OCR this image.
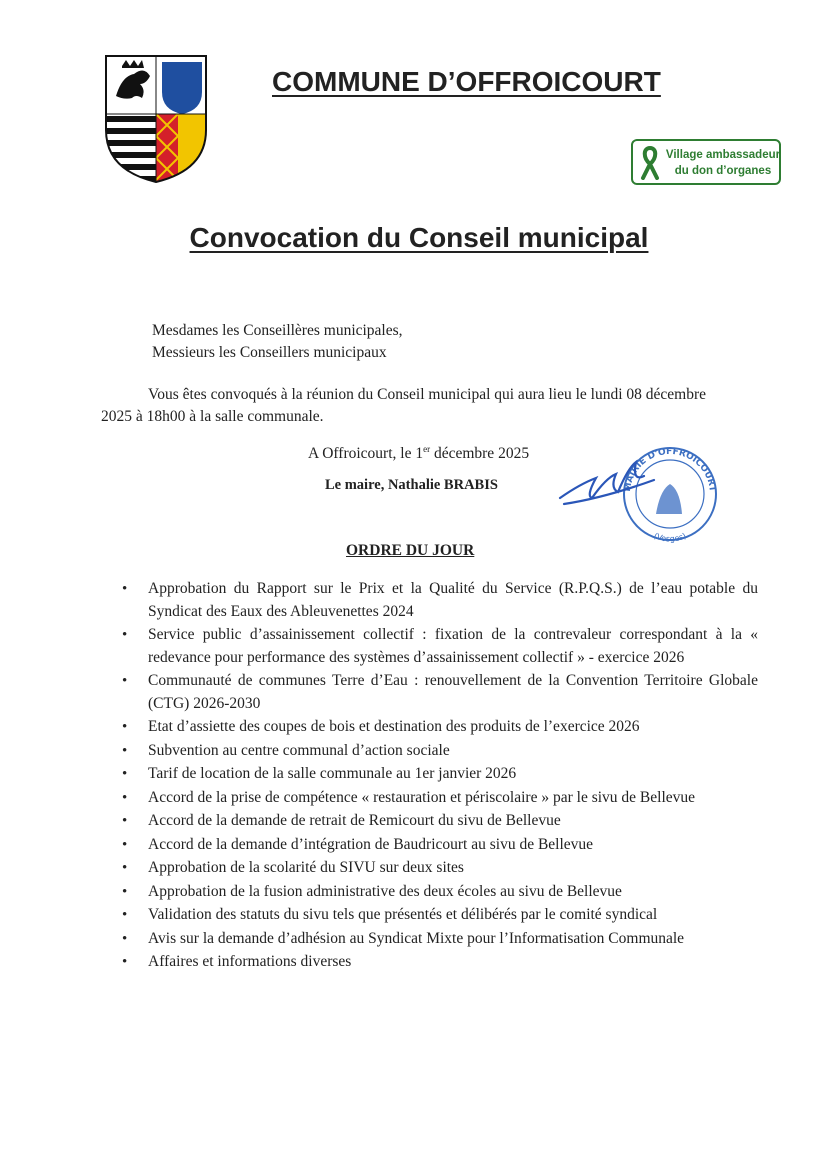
COMMUNE D’OFFROICOURT
Village ambassadeur
du don d’organes
Convocation du Conseil municipal
Mesdames les Conseillères municipales,
Messieurs les Conseillers municipaux
Vous êtes convoqués à la réunion du Conseil municipal qui aura lieu le lundi 08 décembre
2025 à 18h00 à la salle communale.
A Offroicourt, le 1er décembre 2025
Le maire, Nathalie BRABIS	MAIRIE D'OFFROICOURT
(Vosges)
ORDRE DU JOUR
• Approbation du Rapport sur le Prix et la Qualité du Service (R.P.Q.S.) de l’eau potable du Syndicat des Eaux des Ableuvenettes 2024
• Service public d’assainissement collectif : fixation de la contrevaleur correspondant à la « redevance pour performance des systèmes d’assainissement collectif » - exercice 2026
• Communauté de communes Terre d’Eau : renouvellement de la Convention Territoire Globale (CTG) 2026-2030
• Etat d’assiette des coupes de bois et destination des produits de l’exercice 2026
• Subvention au centre communal d’action sociale
• Tarif de location de la salle communale au 1er janvier 2026
• Accord de la prise de compétence « restauration et périscolaire » par le sivu de Bellevue
• Accord de la demande de retrait de Remicourt du sivu de Bellevue
• Accord de la demande d’intégration de Baudricourt au sivu de Bellevue
• Approbation de la scolarité du SIVU sur deux sites
• Approbation de la fusion administrative des deux écoles au sivu de Bellevue
• Validation des statuts du sivu tels que présentés et délibérés par le comité syndical
• Avis sur la demande d’adhésion au Syndicat Mixte pour l’Informatisation Communale
• Affaires et informations diverses
